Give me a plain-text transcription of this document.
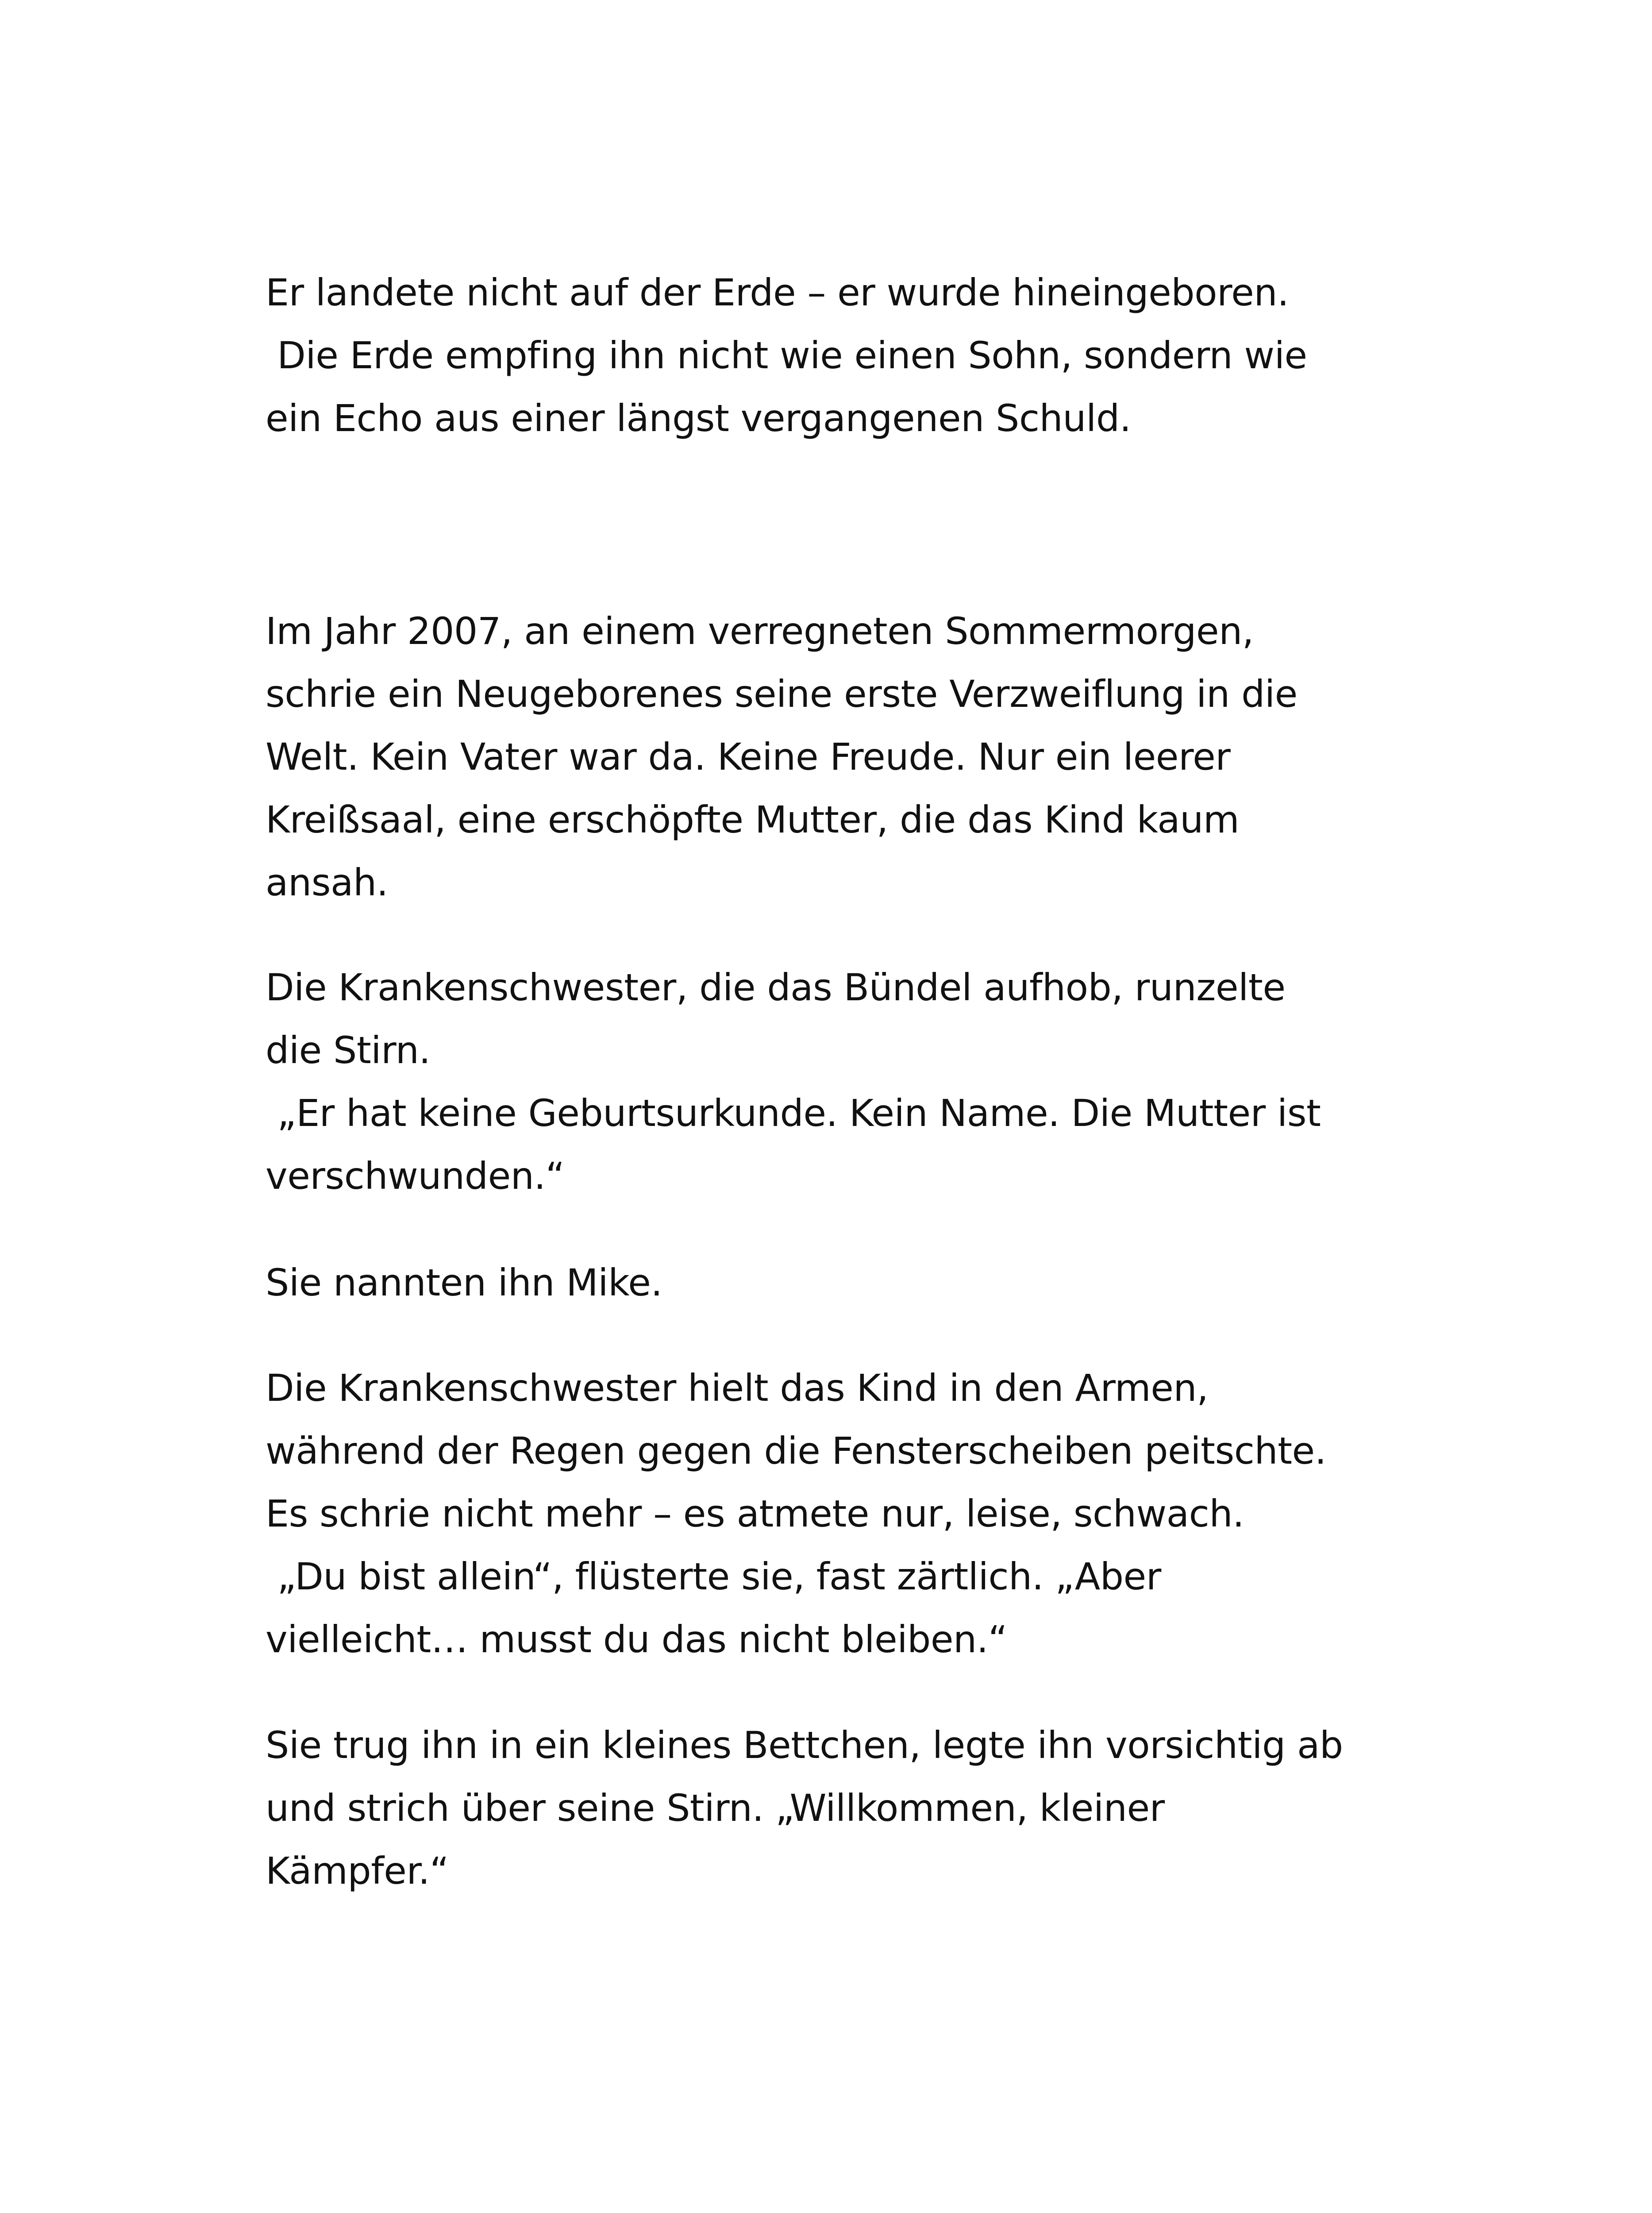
Er landete nicht auf der Erde – er wurde hineingeboren.
Die Erde empfing ihn nicht wie einen Sohn, sondern wie
ein Echo aus einer längst vergangenen Schuld.
Im Jahr 2007, an einem verregneten Sommermorgen,
schrie ein Neugeborenes seine erste Verzweiflung in die
Welt. Kein Vater war da. Keine Freude. Nur ein leerer
Kreißsaal, eine erschöpfte Mutter, die das Kind kaum
ansah.
Die Krankenschwester, die das Bündel aufhob, runzelte
die Stirn.
„Er hat keine Geburtsurkunde. Kein Name. Die Mutter ist
verschwunden.“
Sie nannten ihn Mike.
Die Krankenschwester hielt das Kind in den Armen,
während der Regen gegen die Fensterscheiben peitschte.
Es schrie nicht mehr – es atmete nur, leise, schwach.
„Du bist allein“, flüsterte sie, fast zärtlich. „Aber
vielleicht… musst du das nicht bleiben.“
Sie trug ihn in ein kleines Bettchen, legte ihn vorsichtig ab
und strich über seine Stirn. „Willkommen, kleiner
Kämpfer.“
